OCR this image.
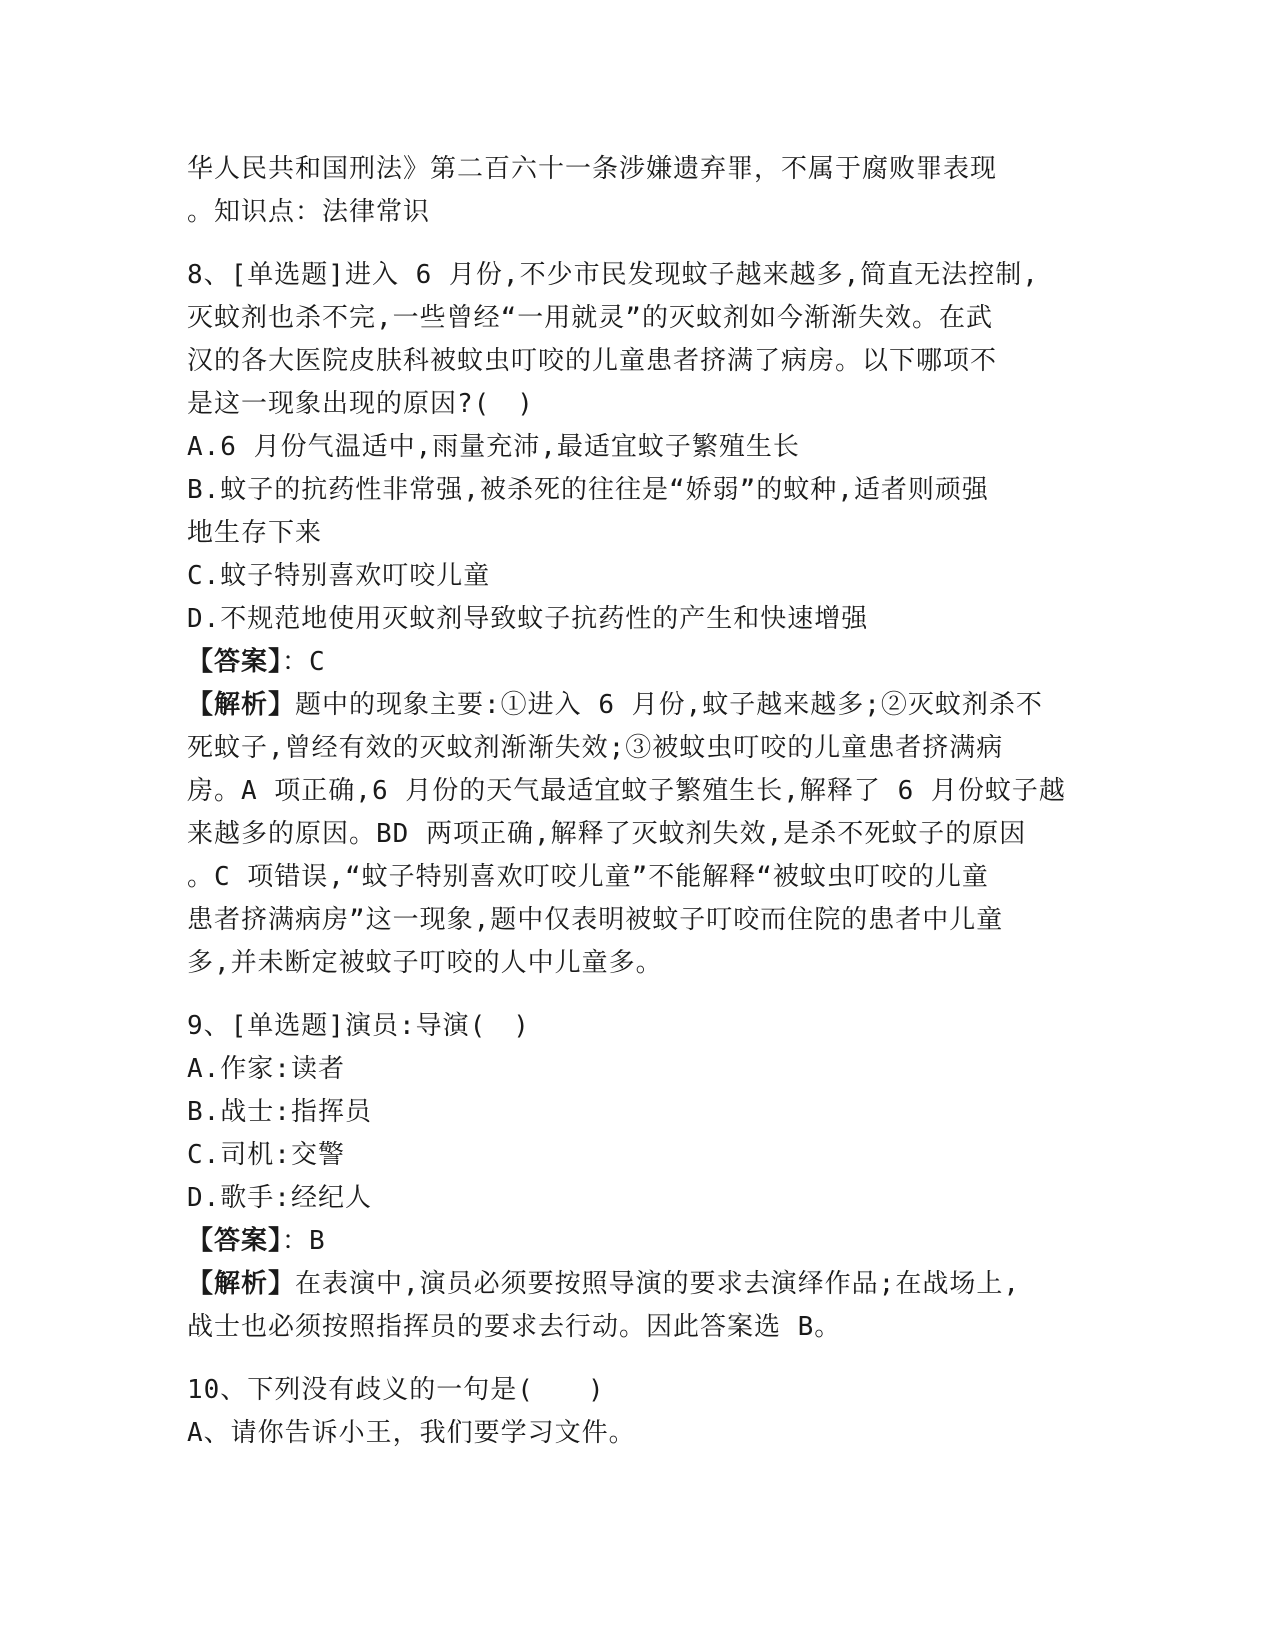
华人民共和国刑法》第二百六十一条涉嫌遗弃罪，不属于腐败罪表现
。知识点：法律常识
8、[单选题]进入 6 月份,不少市民发现蚊子越来越多,简直无法控制,
灭蚊剂也杀不完,一些曾经“一用就灵”的灭蚊剂如今渐渐失效。在武
汉的各大医院皮肤科被蚊虫叮咬的儿童患者挤满了病房。以下哪项不
是这一现象出现的原因?(　)
A.6 月份气温适中,雨量充沛,最适宜蚊子繁殖生长
B.蚊子的抗药性非常强,被杀死的往往是“娇弱”的蚊种,适者则顽强
地生存下来
C.蚊子特别喜欢叮咬儿童
D.不规范地使用灭蚊剂导致蚊子抗药性的产生和快速增强
【答案】：C
【解析】题中的现象主要:①进入 6 月份,蚊子越来越多;②灭蚊剂杀不
死蚊子,曾经有效的灭蚊剂渐渐失效;③被蚊虫叮咬的儿童患者挤满病
房。A 项正确,6 月份的天气最适宜蚊子繁殖生长,解释了 6 月份蚊子越
来越多的原因。BD 两项正确,解释了灭蚊剂失效,是杀不死蚊子的原因
。C 项错误,“蚊子特别喜欢叮咬儿童”不能解释“被蚊虫叮咬的儿童
患者挤满病房”这一现象,题中仅表明被蚊子叮咬而住院的患者中儿童
多,并未断定被蚊子叮咬的人中儿童多。
9、[单选题]演员:导演(　)
A.作家:读者
B.战士:指挥员
C.司机:交警
D.歌手:经纪人
【答案】：B
【解析】在表演中,演员必须要按照导演的要求去演绎作品;在战场上,
战士也必须按照指挥员的要求去行动。因此答案选 B。
10、下列没有歧义的一句是(　　)
A、请你告诉小王，我们要学习文件。
